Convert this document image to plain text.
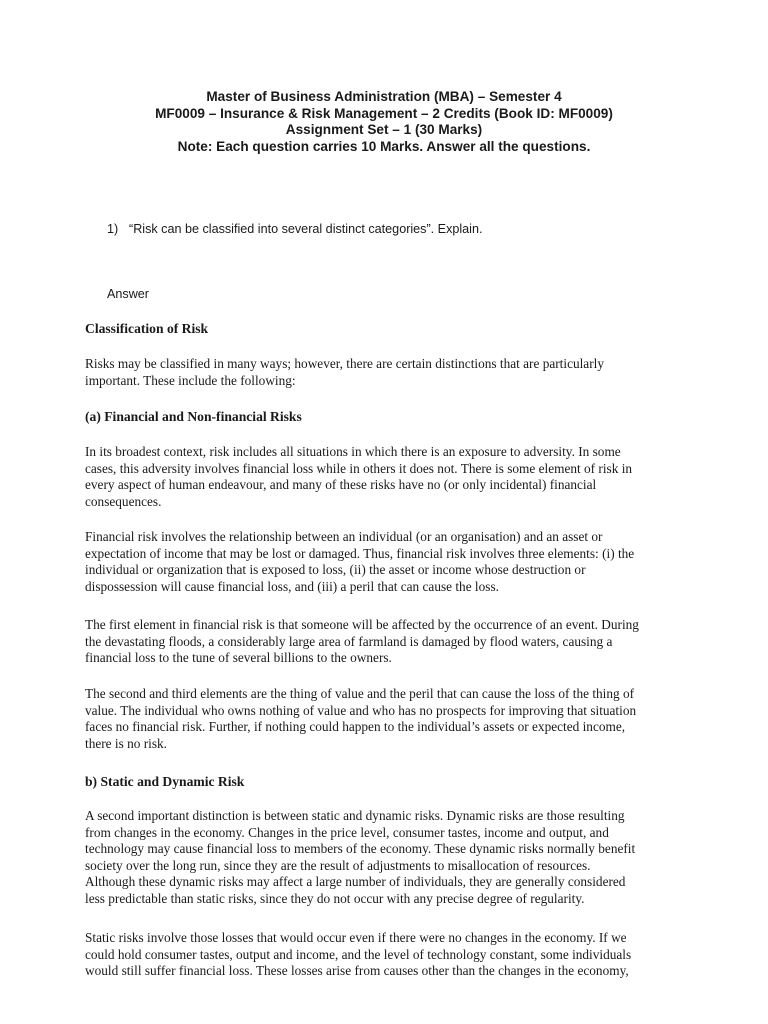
Master of Business Administration (MBA) – Semester 4
MF0009 – Insurance & Risk Management – 2 Credits (Book ID: MF0009)
Assignment Set – 1 (30 Marks)
Note: Each question carries 10 Marks. Answer all the questions.
1) “Risk can be classified into several distinct categories”. Explain.
Answer
Classification of Risk
Risks may be classified in many ways; however, there are certain distinctions that are particularly
important. These include the following:
(a) Financial and Non-financial Risks
In its broadest context, risk includes all situations in which there is an exposure to adversity. In some
cases, this adversity involves financial loss while in others it does not. There is some element of risk in
every aspect of human endeavour, and many of these risks have no (or only incidental) financial
consequences.
Financial risk involves the relationship between an individual (or an organisation) and an asset or
expectation of income that may be lost or damaged. Thus, financial risk involves three elements: (i) the
individual or organization that is exposed to loss, (ii) the asset or income whose destruction or
dispossession will cause financial loss, and (iii) a peril that can cause the loss.
The first element in financial risk is that someone will be affected by the occurrence of an event. During
the devastating floods, a considerably large area of farmland is damaged by flood waters, causing a
financial loss to the tune of several billions to the owners.
The second and third elements are the thing of value and the peril that can cause the loss of the thing of
value. The individual who owns nothing of value and who has no prospects for improving that situation
faces no financial risk. Further, if nothing could happen to the individual’s assets or expected income,
there is no risk.
b) Static and Dynamic Risk
A second important distinction is between static and dynamic risks. Dynamic risks are those resulting
from changes in the economy. Changes in the price level, consumer tastes, income and output, and
technology may cause financial loss to members of the economy. These dynamic risks normally benefit
society over the long run, since they are the result of adjustments to misallocation of resources.
Although these dynamic risks may affect a large number of individuals, they are generally considered
less predictable than static risks, since they do not occur with any precise degree of regularity.
Static risks involve those losses that would occur even if there were no changes in the economy. If we
could hold consumer tastes, output and income, and the level of technology constant, some individuals
would still suffer financial loss. These losses arise from causes other than the changes in the economy,
